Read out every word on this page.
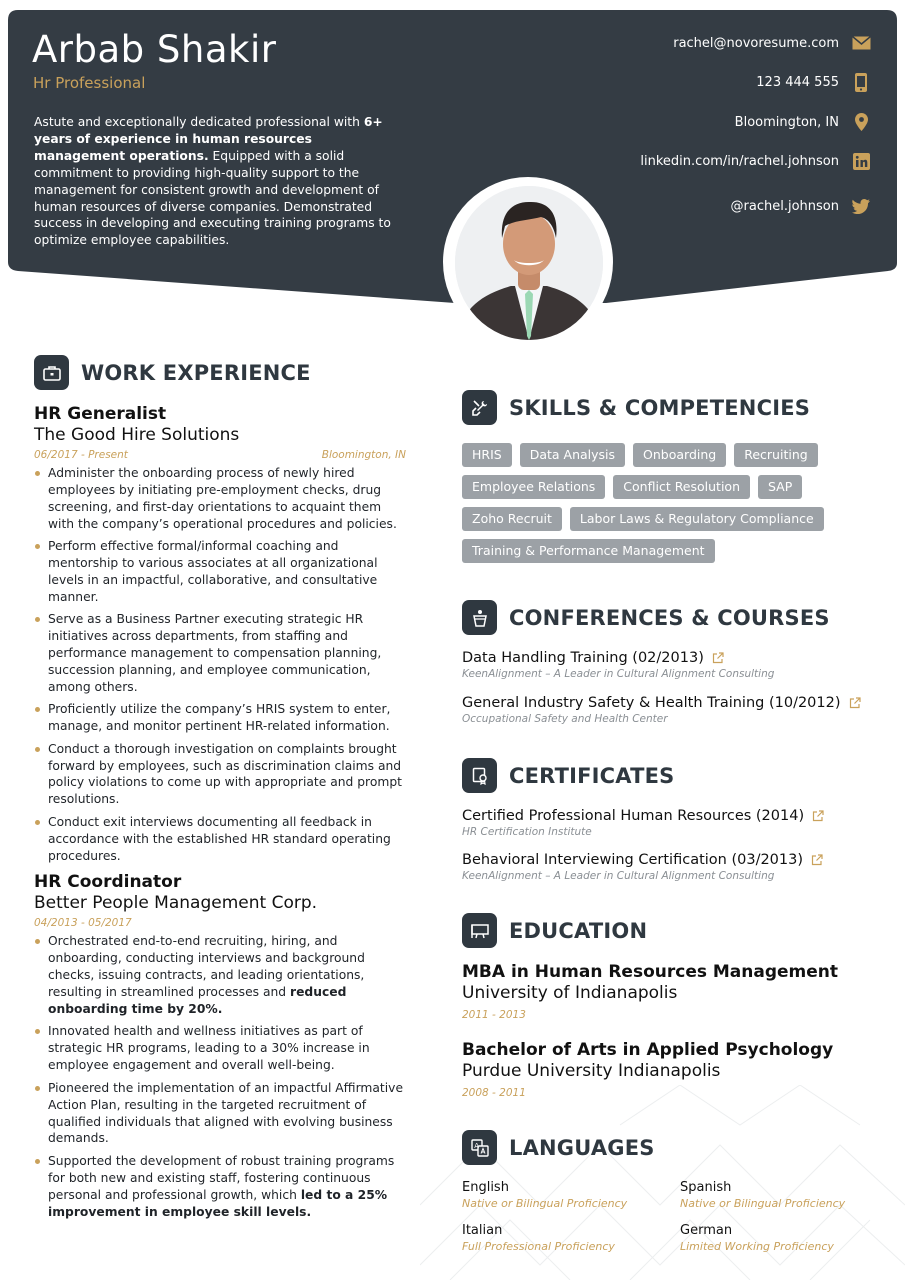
Arbab Shakir
Hr Professional
Astute and exceptionally dedicated professional with 6+ years of experience in human resources management operations. Equipped with a solid commitment to providing high-quality support to the management for consistent growth and development of human resources of diverse companies. Demonstrated success in developing and executing training programs to optimize employee capabilities.
rachel@novoresume.com
123 444 555
Bloomington, IN
linkedin.com/in/rachel.johnson
@rachel.johnson
WORK EXPERIENCE
HR Generalist
The Good Hire Solutions
06/2017 - Present	Bloomington, IN
Administer the onboarding process of newly hired employees by initiating pre-employment checks, drug screening, and first-day orientations to acquaint them with the company’s operational procedures and policies.
Perform effective formal/informal coaching and mentorship to various associates at all organizational levels in an impactful, collaborative, and consultative manner.
Serve as a Business Partner executing strategic HR initiatives across departments, from staffing and performance management to compensation planning, succession planning, and employee communication, among others.
Proficiently utilize the company’s HRIS system to enter, manage, and monitor pertinent HR-related information.
Conduct a thorough investigation on complaints brought forward by employees, such as discrimination claims and policy violations to come up with appropriate and prompt resolutions.
Conduct exit interviews documenting all feedback in accordance with the established HR standard operating procedures.
HR Coordinator
Better People Management Corp.
04/2013 - 05/2017
Orchestrated end-to-end recruiting, hiring, and onboarding, conducting interviews and background checks, issuing contracts, and leading orientations, resulting in streamlined processes and reduced onboarding time by 20%.
Innovated health and wellness initiatives as part of strategic HR programs, leading to a 30% increase in employee engagement and overall well-being.
Pioneered the implementation of an impactful Affirmative Action Plan, resulting in the targeted recruitment of qualified individuals that aligned with evolving business demands.
Supported the development of robust training programs for both new and existing staff, fostering continuous personal and professional growth, which led to a 25% improvement in employee skill levels.
SKILLS & COMPETENCIES
HRIS	Data Analysis	Onboarding	Recruiting
Employee Relations	Conflict Resolution	SAP
Zoho Recruit	Labor Laws & Regulatory Compliance
Training & Performance Management
CONFERENCES & COURSES
Data Handling Training (02/2013)
KeenAlignment – A Leader in Cultural Alignment Consulting
General Industry Safety & Health Training (10/2012)
Occupational Safety and Health Center
CERTIFICATES
Certified Professional Human Resources (2014)
HR Certification Institute
Behavioral Interviewing Certification (03/2013)
KeenAlignment – A Leader in Cultural Alignment Consulting
EDUCATION
MBA in Human Resources Management
University of Indianapolis
2011 - 2013
Bachelor of Arts in Applied Psychology
Purdue University Indianapolis
2008 - 2011
A LANGUAGES
English
Native or Bilingual Proficiency
Spanish
Native or Bilingual Proficiency
Italian
Full Professional Proficiency
German
Limited Working Proficiency
